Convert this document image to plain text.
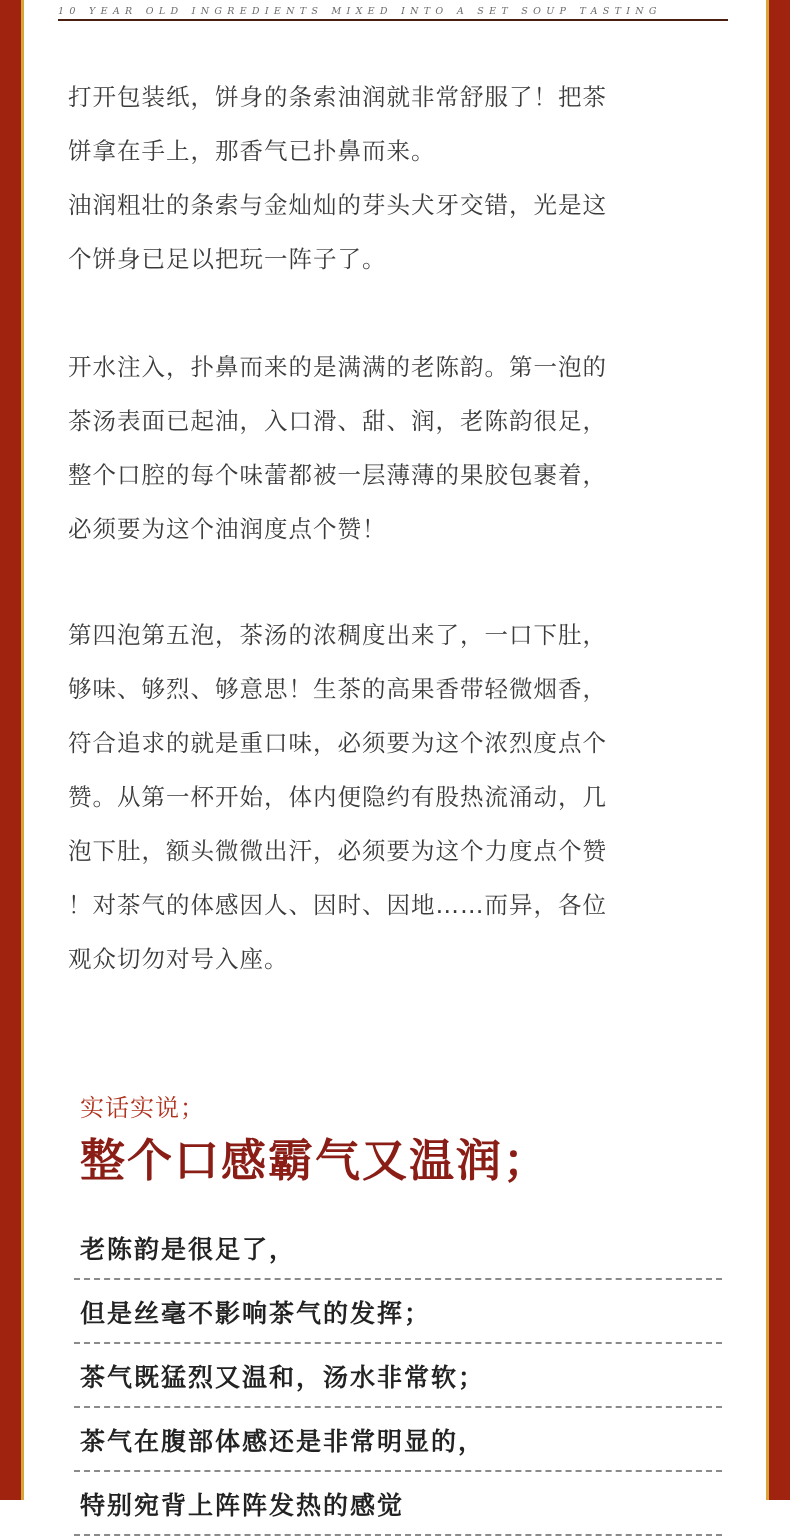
10 YEAR OLD INGREDIENTS MIXED INTO A SET SOUP TASTING

打开包装纸，饼身的条索油润就非常舒服了！把茶

饼拿在手上，那香气已扑鼻而来。

油润粗壮的条索与金灿灿的芽头犬牙交错，光是这

个饼身已足以把玩一阵子了。

开水注入，扑鼻而来的是满满的老陈韵。第一泡的

茶汤表面已起油，入口滑、甜、润，老陈韵很足，

整个口腔的每个味蕾都被一层薄薄的果胶包裹着，

必须要为这个油润度点个赞！

第四泡第五泡，茶汤的浓稠度出来了，一口下肚，

够味、够烈、够意思！生茶的高果香带轻微烟香，

符合追求的就是重口味，必须要为这个浓烈度点个

赞。从第一杯开始，体内便隐约有股热流涌动，几

泡下肚，额头微微出汗，必须要为这个力度点个赞

！对茶气的体感因人、因时、因地……而异，各位

观众切勿对号入座。

实话实说；
整个口感霸气又温润；
老陈韵是很足了，
但是丝毫不影响茶气的发挥；
茶气既猛烈又温和，汤水非常软；
茶气在腹部体感还是非常明显的，
特别宛背上阵阵发热的感觉
